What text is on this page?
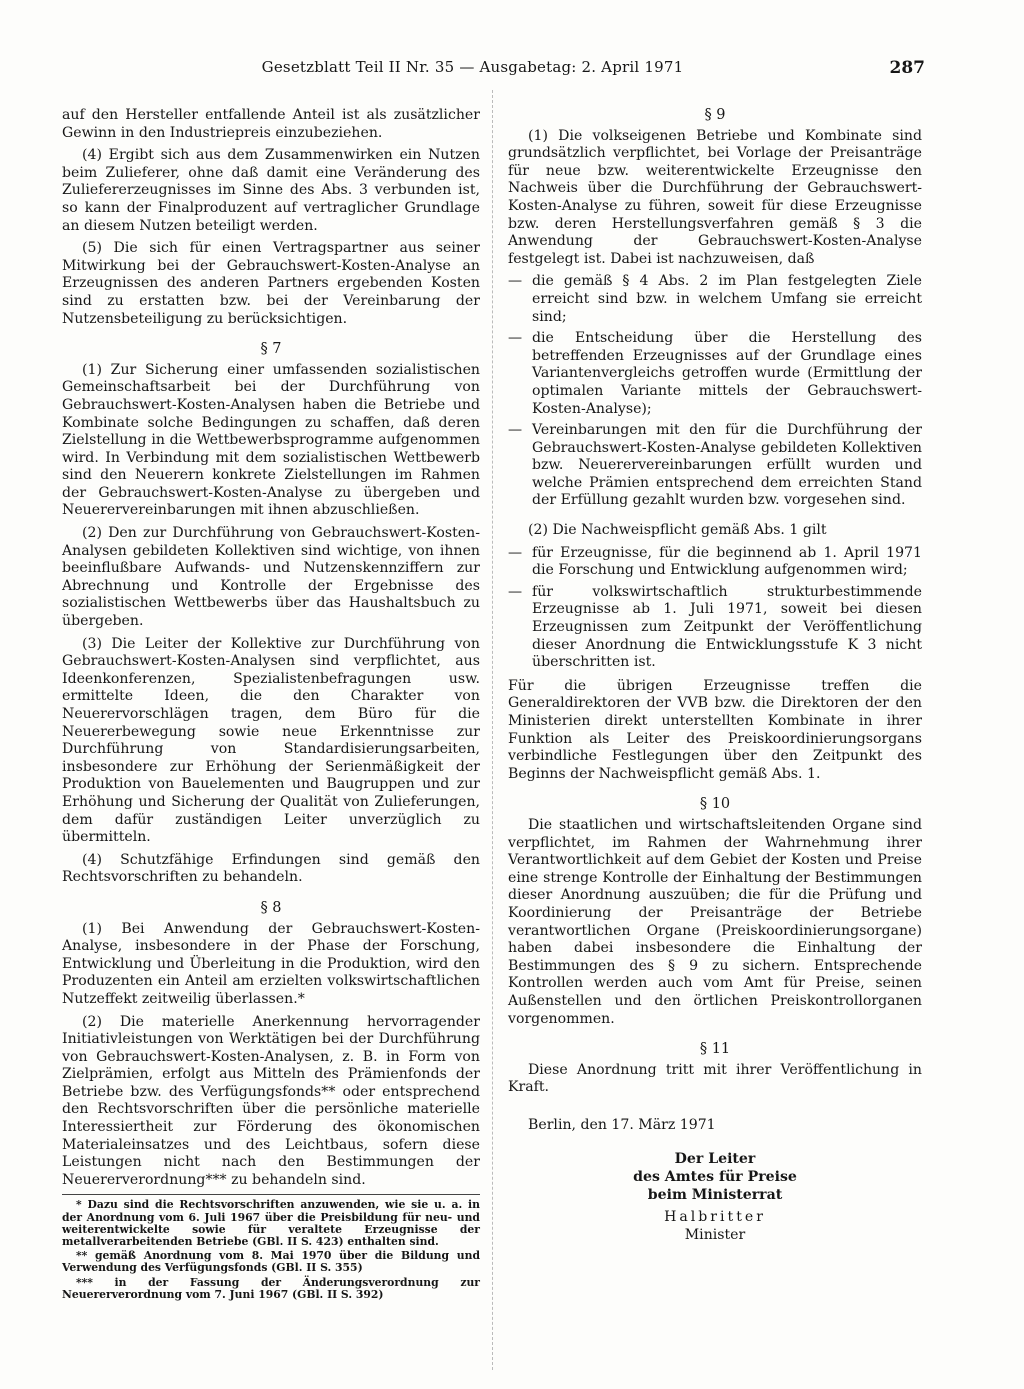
Gesetzblatt Teil II Nr. 35 — Ausgabetag: 2. April 1971	287

auf den Hersteller entfallende Anteil ist als zusätzlicher Gewinn in den Industriepreis einzubeziehen.

(4) Ergibt sich aus dem Zusammenwirken ein Nutzen beim Zulieferer, ohne daß damit eine Veränderung des Zuliefererzeugnisses im Sinne des Abs. 3 verbunden ist, so kann der Finalproduzent auf vertraglicher Grundlage an diesem Nutzen beteiligt werden.

(5) Die sich für einen Vertragspartner aus seiner Mitwirkung bei der Gebrauchswert-Kosten-Analyse an Erzeugnissen des anderen Partners ergebenden Kosten sind zu erstatten bzw. bei der Vereinbarung der Nutzensbeteiligung zu berücksichtigen.

§ 7

(1) Zur Sicherung einer umfassenden sozialistischen Gemeinschaftsarbeit bei der Durchführung von Gebrauchswert-Kosten-Analysen haben die Betriebe und Kombinate solche Bedingungen zu schaffen, daß deren Zielstellung in die Wettbewerbsprogramme aufgenommen wird. In Verbindung mit dem sozialistischen Wettbewerb sind den Neuerern konkrete Zielstellungen im Rahmen der Gebrauchswert-Kosten-Analyse zu übergeben und Neuerervereinbarungen mit ihnen abzuschließen.

(2) Den zur Durchführung von Gebrauchswert-Kosten-Analysen gebildeten Kollektiven sind wichtige, von ihnen beeinflußbare Aufwands- und Nutzenskennziffern zur Abrechnung und Kontrolle der Ergebnisse des sozialistischen Wettbewerbs über das Haushaltsbuch zu übergeben.

(3) Die Leiter der Kollektive zur Durchführung von Gebrauchswert-Kosten-Analysen sind verpflichtet, aus Ideenkonferenzen, Spezialistenbefragungen usw. ermittelte Ideen, die den Charakter von Neuerervorschlägen tragen, dem Büro für die Neuererbewegung sowie neue Erkenntnisse zur Durchführung von Standardisierungsarbeiten, insbesondere zur Erhöhung der Serienmäßigkeit der Produktion von Bauelementen und Baugruppen und zur Erhöhung und Sicherung der Qualität von Zulieferungen, dem dafür zuständigen Leiter unverzüglich zu übermitteln.

(4) Schutzfähige Erfindungen sind gemäß den Rechtsvorschriften zu behandeln.

§ 8

(1) Bei Anwendung der Gebrauchswert-Kosten-Analyse, insbesondere in der Phase der Forschung, Entwicklung und Überleitung in die Produktion, wird den Produzenten ein Anteil am erzielten volkswirtschaftlichen Nutzeffekt zeitweilig überlassen.*

(2) Die materielle Anerkennung hervorragender Initiativleistungen von Werktätigen bei der Durchführung von Gebrauchswert-Kosten-Analysen, z. B. in Form von Zielprämien, erfolgt aus Mitteln des Prämienfonds der Betriebe bzw. des Verfügungsfonds** oder entsprechend den Rechtsvorschriften über die persönliche materielle Interessiertheit zur Förderung des ökonomischen Materialeinsatzes und des Leichtbaus, sofern diese Leistungen nicht nach den Bestimmungen der Neuererverordnung*** zu behandeln sind.

* Dazu sind die Rechtsvorschriften anzuwenden, wie sie u. a. in der Anordnung vom 6. Juli 1967 über die Preisbildung für neu- und weiterentwickelte sowie für veraltete Erzeugnisse der metallverarbeitenden Betriebe (GBl. II S. 423) enthalten sind.

** gemäß Anordnung vom 8. Mai 1970 über die Bildung und Verwendung des Verfügungsfonds (GBl. II S. 355)

*** in der Fassung der Änderungsverordnung zur Neuererverordnung vom 7. Juni 1967 (GBl. II S. 392)

§ 9

(1) Die volkseigenen Betriebe und Kombinate sind grundsätzlich verpflichtet, bei Vorlage der Preisanträge für neue bzw. weiterentwickelte Erzeugnisse den Nachweis über die Durchführung der Gebrauchswert-Kosten-Analyse zu führen, soweit für diese Erzeugnisse bzw. deren Herstellungsverfahren gemäß § 3 die Anwendung der Gebrauchswert-Kosten-Analyse festgelegt ist. Dabei ist nachzuweisen, daß

— die gemäß § 4 Abs. 2 im Plan festgelegten Ziele erreicht sind bzw. in welchem Umfang sie erreicht sind;
— die Entscheidung über die Herstellung des betreffenden Erzeugnisses auf der Grundlage eines Variantenvergleichs getroffen wurde (Ermittlung der optimalen Variante mittels der Gebrauchswert-Kosten-Analyse);
— Vereinbarungen mit den für die Durchführung der Gebrauchswert-Kosten-Analyse gebildeten Kollektiven bzw. Neuerervereinbarungen erfüllt wurden und welche Prämien entsprechend dem erreichten Stand der Erfüllung gezahlt wurden bzw. vorgesehen sind.

(2) Die Nachweispflicht gemäß Abs. 1 gilt

— für Erzeugnisse, für die beginnend ab 1. April 1971 die Forschung und Entwicklung aufgenommen wird;
— für volkswirtschaftlich strukturbestimmende Erzeugnisse ab 1. Juli 1971, soweit bei diesen Erzeugnissen zum Zeitpunkt der Veröffentlichung dieser Anordnung die Entwicklungsstufe K 3 nicht überschritten ist.

Für die übrigen Erzeugnisse treffen die Generaldirektoren der VVB bzw. die Direktoren der den Ministerien direkt unterstellten Kombinate in ihrer Funktion als Leiter des Preiskoordinierungsorgans verbindliche Festlegungen über den Zeitpunkt des Beginns der Nachweispflicht gemäß Abs. 1.

§ 10

Die staatlichen und wirtschaftsleitenden Organe sind verpflichtet, im Rahmen der Wahrnehmung ihrer Verantwortlichkeit auf dem Gebiet der Kosten und Preise eine strenge Kontrolle der Einhaltung der Bestimmungen dieser Anordnung auszuüben; die für die Prüfung und Koordinierung der Preisanträge der Betriebe verantwortlichen Organe (Preiskoordinierungsorgane) haben dabei insbesondere die Einhaltung der Bestimmungen des § 9 zu sichern. Entsprechende Kontrollen werden auch vom Amt für Preise, seinen Außenstellen und den örtlichen Preiskontrollorganen vorgenommen.

§ 11

Diese Anordnung tritt mit ihrer Veröffentlichung in Kraft.

Berlin, den 17. März 1971

Der Leiter
des Amtes für Preise
beim Ministerrat
Halbritter
Minister
